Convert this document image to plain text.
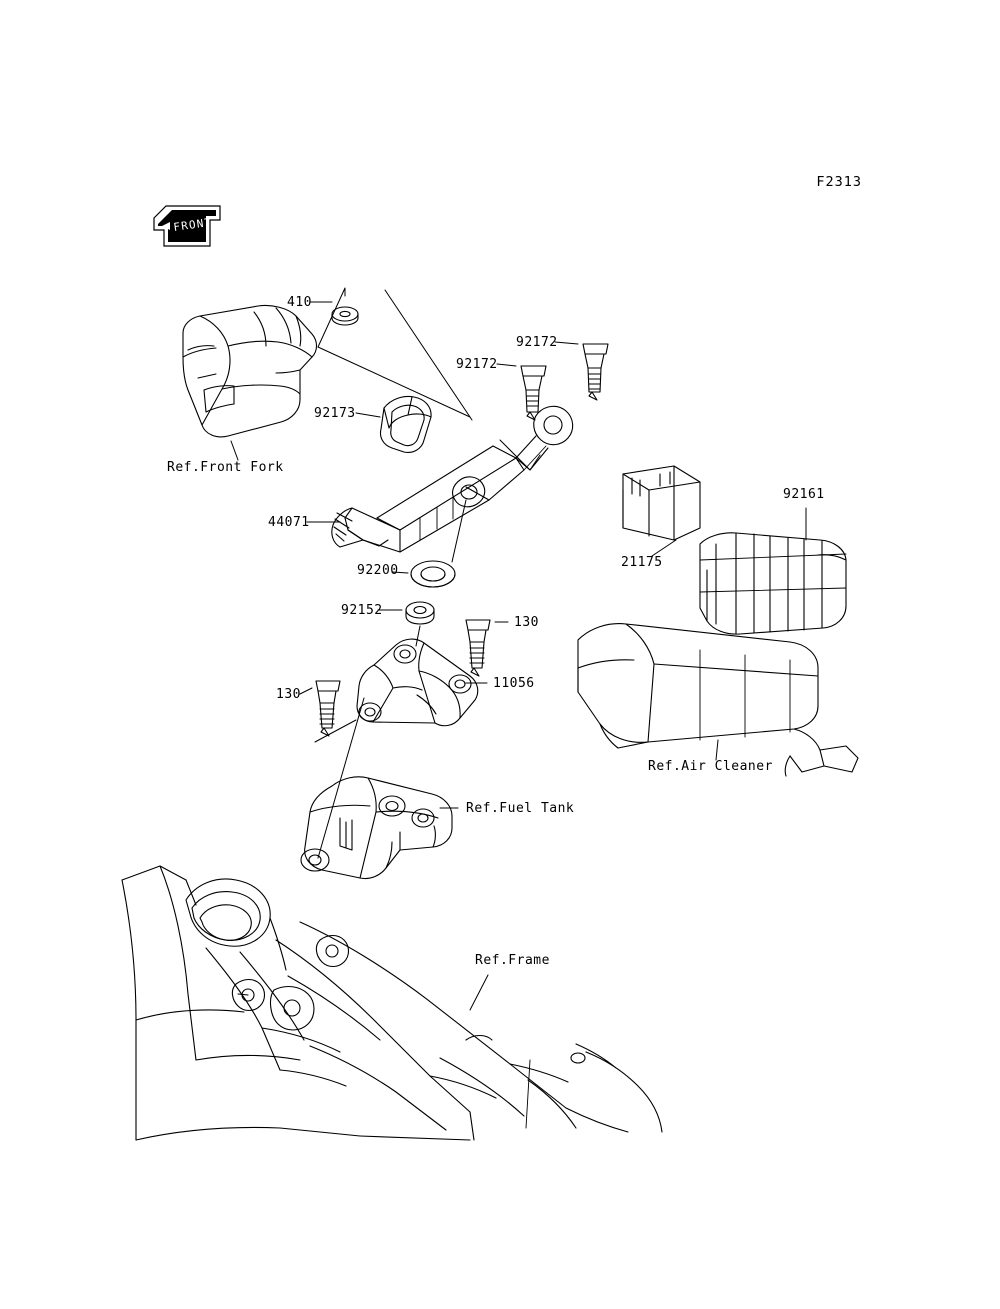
FRONT
F2313
410
92172
92172
92173
44071
92200
92152
130
130
11056
92161
21175
Ref.Front Fork
Ref.Air Cleaner
Ref.Fuel Tank
Ref.Frame
